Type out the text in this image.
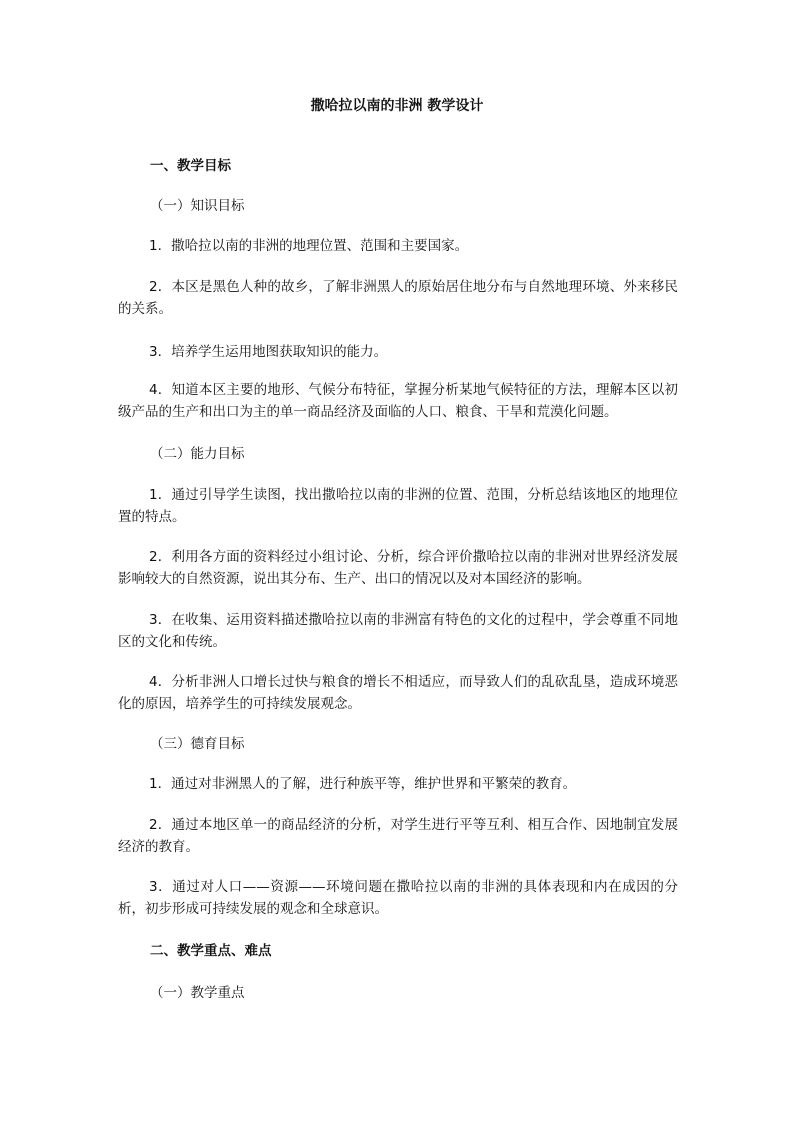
撒哈拉以南的非洲 教学设计
一、教学目标
（一）知识目标
1．撒哈拉以南的非洲的地理位置、范围和主要国家。
2．本区是黑色人种的故乡，了解非洲黑人的原始居住地分布与自然地理环境、外来移民的关系。
3．培养学生运用地图获取知识的能力。
4．知道本区主要的地形、气候分布特征，掌握分析某地气候特征的方法，理解本区以初级产品的生产和出口为主的单一商品经济及面临的人口、粮食、干旱和荒漠化问题。
（二）能力目标
1．通过引导学生读图，找出撒哈拉以南的非洲的位置、范围，分析总结该地区的地理位置的特点。
2．利用各方面的资料经过小组讨论、分析，综合评价撒哈拉以南的非洲对世界经济发展影响较大的自然资源，说出其分布、生产、出口的情况以及对本国经济的影响。
3．在收集、运用资料描述撒哈拉以南的非洲富有特色的文化的过程中，学会尊重不同地区的文化和传统。
4．分析非洲人口增长过快与粮食的增长不相适应，而导致人们的乱砍乱垦，造成环境恶化的原因，培养学生的可持续发展观念。
（三）德育目标
1．通过对非洲黑人的了解，进行种族平等，维护世界和平繁荣的教育。
2．通过本地区单一的商品经济的分析，对学生进行平等互利、相互合作、因地制宜发展经济的教育。
3．通过对人口——资源——环境问题在撒哈拉以南的非洲的具体表现和内在成因的分析，初步形成可持续发展的观念和全球意识。
二、教学重点、难点
（一）教学重点
